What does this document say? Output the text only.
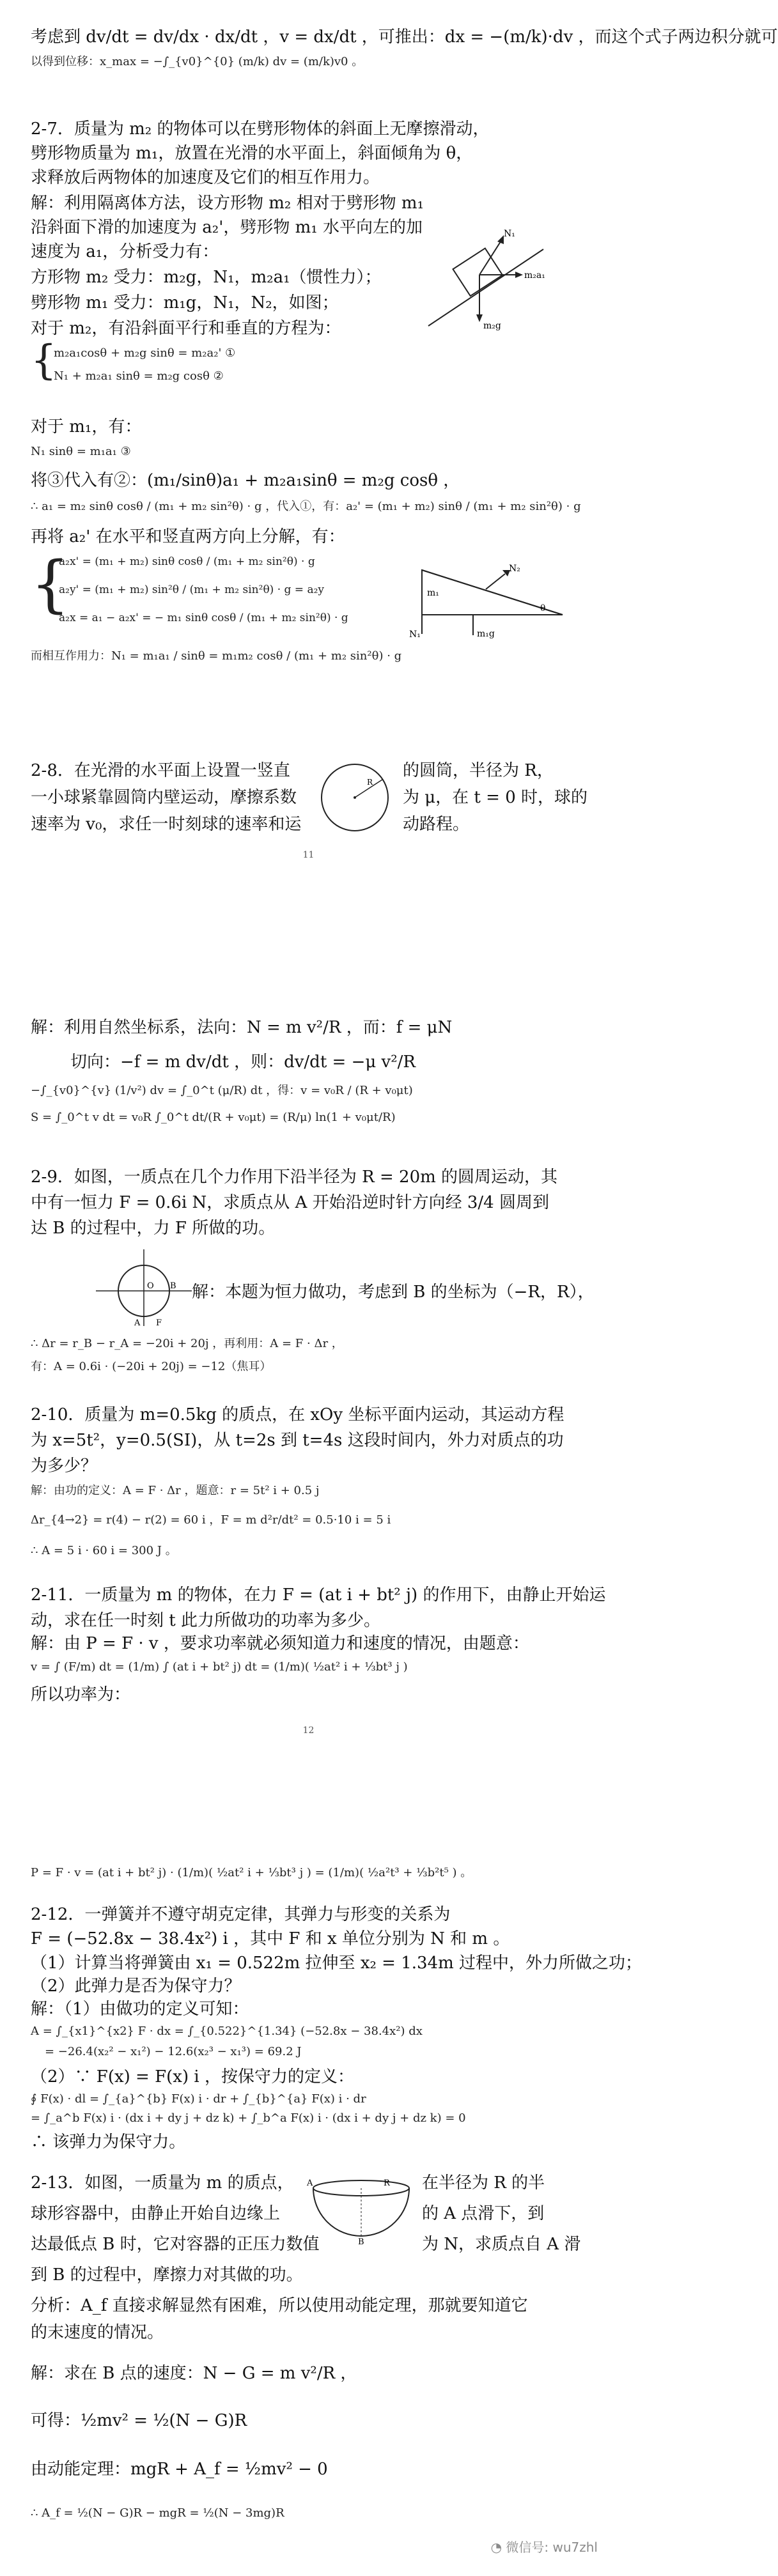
考虑到 dv/dt = dv/dx · dx/dt ，v = dx/dt ，可推出：dx = −(m/k)·dv ，而这个式子两边积分就可
以得到位移：x_max = −∫_{v0}^{0} (m/k) dv = (m/k)v0 。
2-7．质量为 m₂ 的物体可以在劈形物体的斜面上无摩擦滑动，
劈形物质量为 m₁，放置在光滑的水平面上，斜面倾角为 θ，
求释放后两物体的加速度及它们的相互作用力。
解：利用隔离体方法，设方形物 m₂ 相对于劈形物 m₁
沿斜面下滑的加速度为 a₂'，劈形物 m₁ 水平向左的加
速度为 a₁，分析受力有：
方形物 m₂ 受力：m₂g，N₁，m₂a₁（惯性力）；
劈形物 m₁ 受力：m₁g，N₁，N₂，如图；
对于 m₂，有沿斜面平行和垂直的方程为：
N₁
m₂a₁
m₂g
{
m₂a₁cosθ + m₂g sinθ = m₂a₂' ①
N₁ + m₂a₁ sinθ = m₂g cosθ ②
对于 m₁，有：
N₁ sinθ = m₁a₁ ③
将③代入有②：(m₁/sinθ)a₁ + m₂a₁sinθ = m₂g cosθ ，
∴ a₁ = m₂ sinθ cosθ / (m₁ + m₂ sin²θ) · g ，代入①，有：a₂' = (m₁ + m₂) sinθ / (m₁ + m₂ sin²θ) · g
再将 a₂' 在水平和竖直两方向上分解，有：
{
a₂x' = (m₁ + m₂) sinθ cosθ / (m₁ + m₂ sin²θ) · g
a₂y' = (m₁ + m₂) sin²θ / (m₁ + m₂ sin²θ) · g = a₂y
a₂x = a₁ − a₂x' = − m₁ sinθ cosθ / (m₁ + m₂ sin²θ) · g
m₁
θ
N₂
N₁	m₁g
而相互作用力：N₁ = m₁a₁ / sinθ = m₁m₂ cosθ / (m₁ + m₂ sin²θ) · g
2-8．在光滑的水平面上设置一竖直	的圆筒，半径为 R，
一小球紧靠圆筒内壁运动，摩擦系数	为 μ，在 t = 0 时，球的
速率为 v₀，求任一时刻球的速率和运	动路程。
R
11
解：利用自然坐标系，法向：N = m v²/R ，而：f = μN
切向：−f = m dv/dt ，则：dv/dt = −μ v²/R
−∫_{v0}^{v} (1/v²) dv = ∫_0^t (μ/R) dt ，得：v = v₀R / (R + v₀μt)
S = ∫_0^t v dt = v₀R ∫_0^t dt/(R + v₀μt) = (R/μ) ln(1 + v₀μt/R)
2-9．如图，一质点在几个力作用下沿半径为 R = 20m 的圆周运动，其
中有一恒力 F = 0.6i N，求质点从 A 开始沿逆时针方向经 3/4 圆周到
达 B 的过程中，力 F 所做的功。
O
A
B
F
解：本题为恒力做功，考虑到 B 的坐标为（−R，R），
∴ Δr = r_B − r_A = −20i + 20j ，再利用：A = F · Δr ，
有：A = 0.6i · (−20i + 20j) = −12（焦耳）
2-10．质量为 m=0.5kg 的质点，在 xOy 坐标平面内运动，其运动方程
为 x=5t²，y=0.5(SI)，从 t=2s 到 t=4s 这段时间内，外力对质点的功
为多少？
解：由功的定义：A = F · Δr ，题意：r = 5t² i + 0.5 j
Δr_{4→2} = r(4) − r(2) = 60 i ，F = m d²r/dt² = 0.5·10 i = 5 i
∴ A = 5 i · 60 i = 300 J 。
2-11．一质量为 m 的物体，在力 F = (at i + bt² j) 的作用下，由静止开始运
动，求在任一时刻 t 此力所做功的功率为多少。
解：由 P = F · v ，要求功率就必须知道力和速度的情况，由题意：
v = ∫ (F/m) dt = (1/m) ∫ (at i + bt² j) dt = (1/m)( ½at² i + ⅓bt³ j )
所以功率为：
12
P = F · v = (at i + bt² j) · (1/m)( ½at² i + ⅓bt³ j ) = (1/m)( ½a²t³ + ⅓b²t⁵ ) 。
2-12．一弹簧并不遵守胡克定律，其弹力与形变的关系为
F = (−52.8x − 38.4x²) i ，其中 F 和 x 单位分别为 N 和 m 。
（1）计算当将弹簧由 x₁ = 0.522m 拉伸至 x₂ = 1.34m 过程中，外力所做之功；
（2）此弹力是否为保守力？
解：（1）由做功的定义可知：
A = ∫_{x1}^{x2} F · dx = ∫_{0.522}^{1.34} (−52.8x − 38.4x²) dx
= −26.4(x₂² − x₁²) − 12.6(x₂³ − x₁³) = 69.2 J
（2）∵ F(x) = F(x) i ，按保守力的定义：
∮ F(x) · dl = ∫_{a}^{b} F(x) i · dr + ∫_{b}^{a} F(x) i · dr
= ∫_a^b F(x) i · (dx i + dy j + dz k) + ∫_b^a F(x) i · (dx i + dy j + dz k) = 0
∴ 该弹力为保守力。
2-13．如图，一质量为 m 的质点，	在半径为 R 的半
球形容器中，由静止开始自边缘上	的 A 点滑下，到
达最低点 B 时，它对容器的正压力数值	为 N，求质点自 A 滑
A
B
R
到 B 的过程中，摩擦力对其做的功。
分析：A_f 直接求解显然有困难，所以使用动能定理，那就要知道它
的末速度的情况。
解：求在 B 点的速度：N − G = m v²/R ，
可得：½mv² = ½(N − G)R
由动能定理：mgR + A_f = ½mv² − 0
∴ A_f = ½(N − G)R − mgR = ½(N − 3mg)R
◔ 微信号: wu7zhl
